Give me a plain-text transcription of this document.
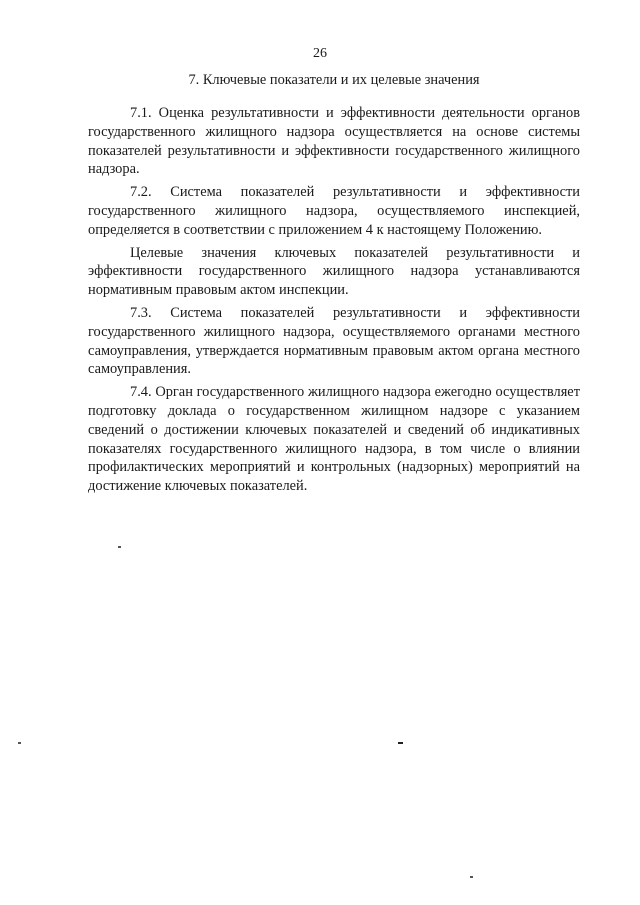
26
7. Ключевые показатели и их целевые значения

7.1. Оценка результативности и эффективности деятельности органов государственного жилищного надзора осуществляется на основе системы показателей результативности и эффективности государственного жилищного надзора.

7.2. Система показателей результативности и эффективности государственного жилищного надзора, осуществляемого инспекцией, определяется в соответствии с приложением 4 к настоящему Положению.

Целевые значения ключевых показателей результативности и эффективности государственного жилищного надзора устанавливаются нормативным правовым актом инспекции.

7.3. Система показателей результативности и эффективности государственного жилищного надзора, осуществляемого органами местного самоуправления, утверждается нормативным правовым актом органа местного самоуправления.

7.4. Орган государственного жилищного надзора ежегодно осуществляет подготовку доклада о государственном жилищном надзоре с указанием сведений о достижении ключевых показателей и сведений об индикативных показателях государственного жилищного надзора, в том числе о влиянии профилактических мероприятий и контрольных (надзорных) мероприятий на достижение ключевых показателей.
